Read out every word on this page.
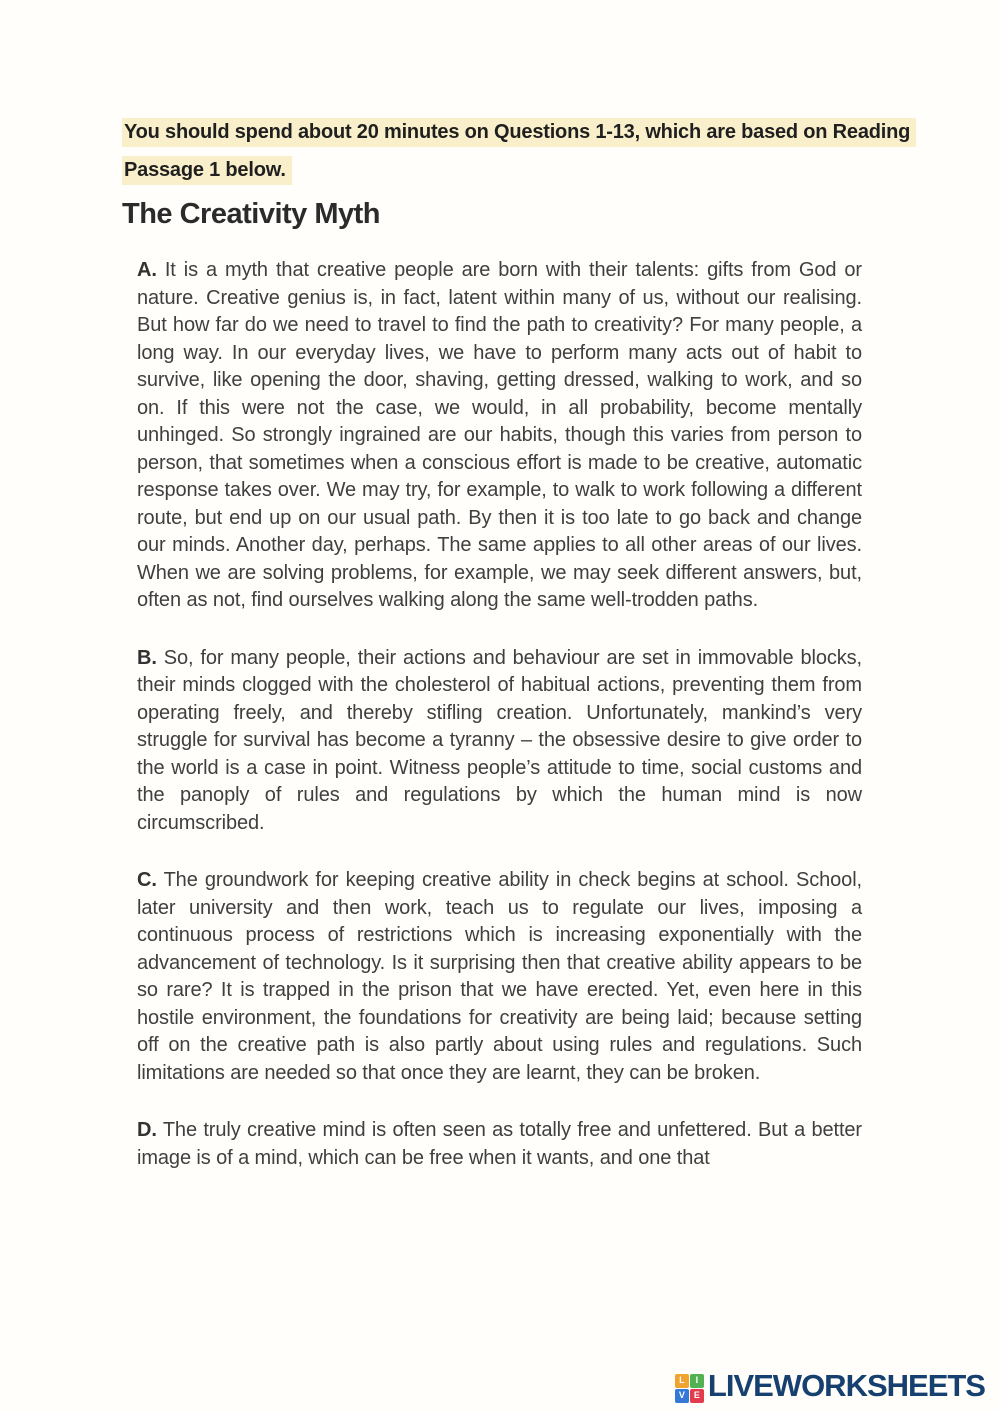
You should spend about 20 minutes on Questions 1-13, which are based on Reading
Passage 1 below.
The Creativity Myth

A. It is a myth that creative people are born with their talents: gifts from God or nature. Creative genius is, in fact, latent within many of us, without our realising. But how far do we need to travel to find the path to creativity? For many people, a long way. In our everyday lives, we have to perform many acts out of habit to survive, like opening the door, shaving, getting dressed, walking to work, and so on. If this were not the case, we would, in all probability, become mentally unhinged. So strongly ingrained are our habits, though this varies from person to person, that sometimes when a conscious effort is made to be creative, automatic response takes over. We may try, for example, to walk to work following a different route, but end up on our usual path. By then it is too late to go back and change our minds. Another day, perhaps. The same applies to all other areas of our lives. When we are solving problems, for example, we may seek different answers, but, often as not, find ourselves walking along the same well-trodden paths.

B. So, for many people, their actions and behaviour are set in immovable blocks, their minds clogged with the cholesterol of habitual actions, preventing them from operating freely, and thereby stifling creation. Unfortunately, mankind’s very struggle for survival has become a tyranny – the obsessive desire to give order to the world is a case in point. Witness people’s attitude to time, social customs and the panoply of rules and regulations by which the human mind is now circumscribed.

C. The groundwork for keeping creative ability in check begins at school. School, later university and then work, teach us to regulate our lives, imposing a continuous process of restrictions which is increasing exponentially with the advancement of technology. Is it surprising then that creative ability appears to be so rare? It is trapped in the prison that we have erected. Yet, even here in this hostile environment, the foundations for creativity are being laid; because setting off on the creative path is also partly about using rules and regulations. Such limitations are needed so that once they are learnt, they can be broken.

D. The truly creative mind is often seen as totally free and unfettered. But a better image is of a mind, which can be free when it wants, and one that

L	I
V E LIVEWORKSHEETS
